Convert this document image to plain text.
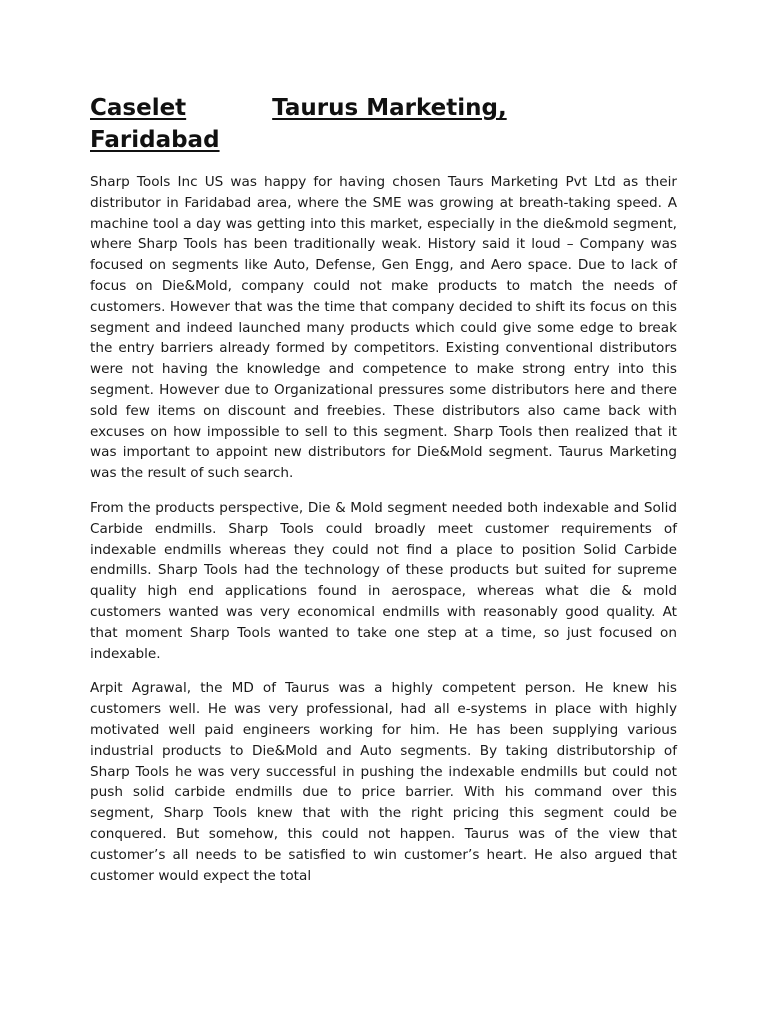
Caselet	Taurus Marketing,
Faridabad

Sharp Tools Inc US was happy for having chosen Taurs Marketing Pvt Ltd as their distributor in Faridabad area, where the SME was growing at breath-taking speed. A machine tool a day was getting into this market, especially in the die&mold segment, where Sharp Tools has been traditionally weak. History said it loud – Company was focused on segments like Auto, Defense, Gen Engg, and Aero space. Due to lack of focus on Die&Mold, company could not make products to match the needs of customers. However that was the time that company decided to shift its focus on this segment and indeed launched many products which could give some edge to break the entry barriers already formed by competitors. Existing conventional distributors were not having the knowledge and competence to make strong entry into this segment. However due to Organizational pressures some distributors here and there sold few items on discount and freebies. These distributors also came back with excuses on how impossible to sell to this segment. Sharp Tools then realized that it was important to appoint new distributors for Die&Mold segment. Taurus Marketing was the result of such search.

From the products perspective, Die & Mold segment needed both indexable and Solid Carbide endmills. Sharp Tools could broadly meet customer requirements of indexable endmills whereas they could not find a place to position Solid Carbide endmills. Sharp Tools had the technology of these products but suited for supreme quality high end applications found in aerospace, whereas what die & mold customers wanted was very economical endmills with reasonably good quality. At that moment Sharp Tools wanted to take one step at a time, so just focused on indexable.

Arpit Agrawal, the MD of Taurus was a highly competent person. He knew his customers well. He was very professional, had all e-systems in place with highly motivated well paid engineers working for him. He has been supplying various industrial products to Die&Mold and Auto segments. By taking distributorship of Sharp Tools he was very successful in pushing the indexable endmills but could not push solid carbide endmills due to price barrier. With his command over this segment, Sharp Tools knew that with the right pricing this segment could be conquered. But somehow, this could not happen. Taurus was of the view that customer’s all needs to be satisfied to win customer’s heart. He also argued that customer would expect the total
